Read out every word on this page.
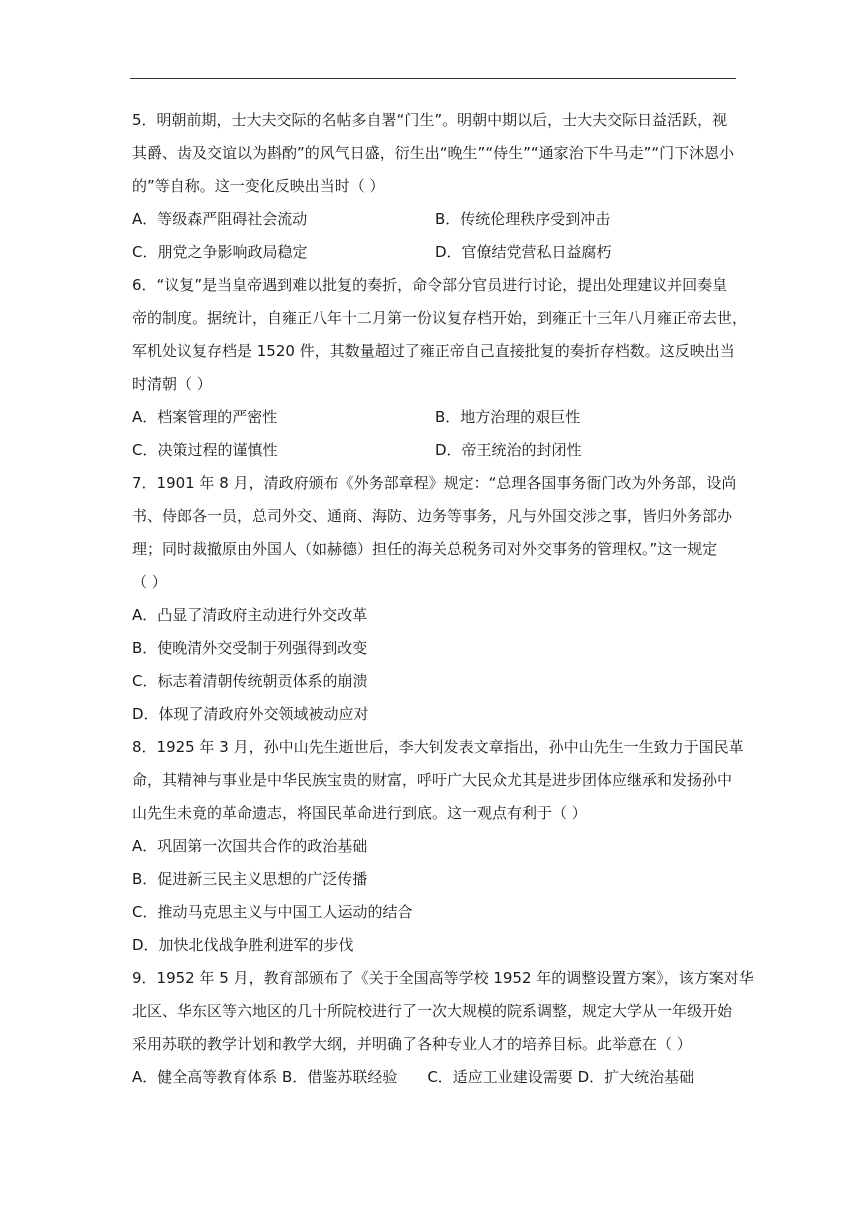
5．明朝前期，士大夫交际的名帖多自署“门生”。明朝中期以后，士大夫交际日益活跃，视
其爵、齿及交谊以为斟酌”的风气日盛，衍生出“晚生”“侍生”“通家治下牛马走”“门下沐恩小
的”等自称。这一变化反映出当时（ ）
A．等级森严阻碍社会流动	B．传统伦理秩序受到冲击
C．朋党之争影响政局稳定	D．官僚结党营私日益腐朽
6．“议复”是当皇帝遇到难以批复的奏折，命令部分官员进行讨论，提出处理建议并回奏皇
帝的制度。据统计，自雍正八年十二月第一份议复存档开始，到雍正十三年八月雍正帝去世，
军机处议复存档是 1520 件，其数量超过了雍正帝自己直接批复的奏折存档数。这反映出当
时清朝（ ）
A．档案管理的严密性	B．地方治理的艰巨性
C．决策过程的谨慎性	D．帝王统治的封闭性
7．1901 年 8 月，清政府颁布《外务部章程》规定：“总理各国事务衙门改为外务部，设尚
书、侍郎各一员，总司外交、通商、海防、边务等事务，凡与外国交涉之事，皆归外务部办
理；同时裁撤原由外国人（如赫德）担任的海关总税务司对外交事务的管理权。”这一规定
（ ）
A．凸显了清政府主动进行外交改革
B．使晚清外交受制于列强得到改变
C．标志着清朝传统朝贡体系的崩溃
D．体现了清政府外交领域被动应对
8．1925 年 3 月，孙中山先生逝世后，李大钊发表文章指出，孙中山先生一生致力于国民革
命，其精神与事业是中华民族宝贵的财富，呼吁广大民众尤其是进步团体应继承和发扬孙中
山先生未竟的革命遗志，将国民革命进行到底。这一观点有利于（ ）
A．巩固第一次国共合作的政治基础
B．促进新三民主义思想的广泛传播
C．推动马克思主义与中国工人运动的结合
D．加快北伐战争胜利进军的步伐
9．1952 年 5 月，教育部颁布了《关于全国高等学校 1952 年的调整设置方案》，该方案对华
北区、华东区等六地区的几十所院校进行了一次大规模的院系调整，规定大学从一年级开始
采用苏联的教学计划和教学大纲，并明确了各种专业人才的培养目标。此举意在（ ）
A．健全高等教育体系 B．借鉴苏联经验　　C．适应工业建设需要 D．扩大统治基础
